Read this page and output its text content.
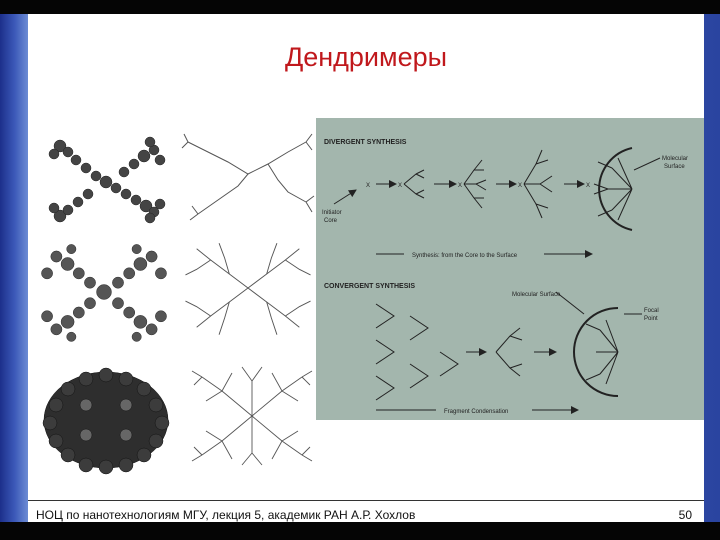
Дендримеры
DIVERGENT SYNTHESIS
X	X	X	X	X
Initiator
Core
Molecular
Surface
Synthesis: from the Core to the Surface
CONVERGENT SYNTHESIS
Molecular Surface
Focal
Point
Fragment Condensation
НОЦ по нанотехнологиям МГУ, лекция 5, академик РАН А.Р. Хохлов	50
